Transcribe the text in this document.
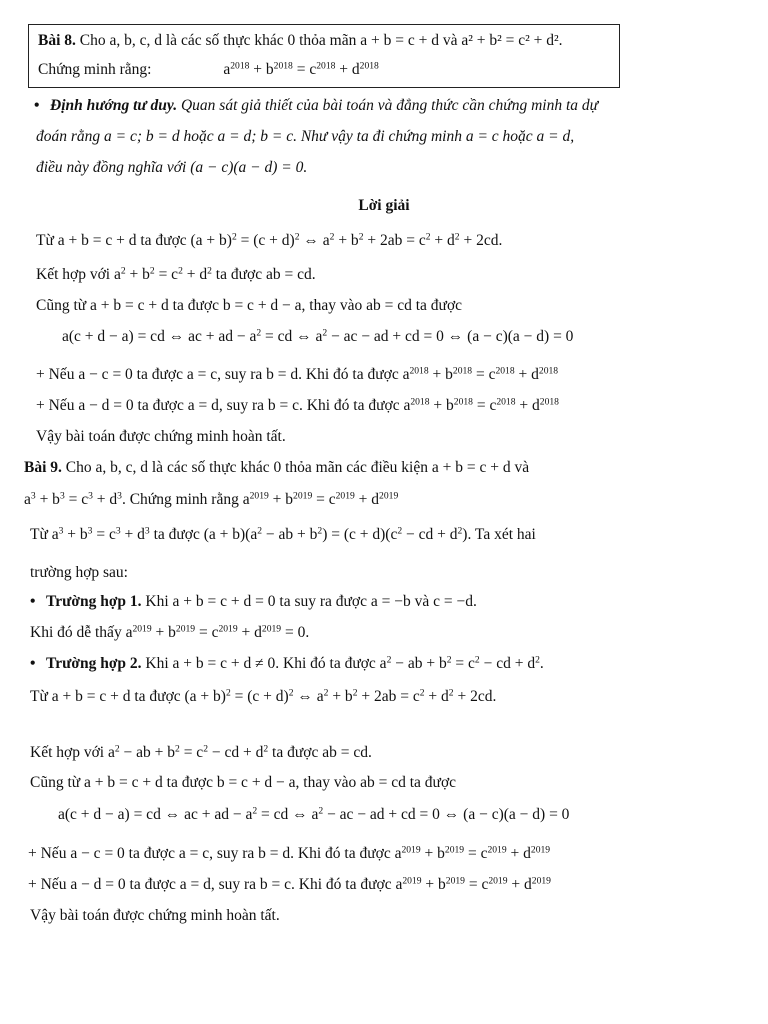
Bài 8. Cho a, b, c, d là các số thực khác 0 thỏa mãn a + b = c + d và a² + b² = c² + d².
Chứng minh rằng:	$a^{2018} + b^{2018} = c^{2018} + d^{2018}$
• Định hướng tư duy. Quan sát giả thiết của bài toán và đẳng thức cần chứng minh ta dự
đoán rằng a = c; b = d hoặc a = d; b = c. Như vậy ta đi chứng minh a = c hoặc a = d,
điều này đồng nghĩa với (a − c)(a − d) = 0.
Lời giải
Từ a + b = c + d ta được $(a + b)^2 = (c + d)^2$ ⇔ $a^2 + b^2 + 2ab = c^2 + d^2 + 2cd$.
Kết hợp với $a^2 + b^2 = c^2 + d^2$ ta được ab = cd.
Cũng từ a + b = c + d ta được b = c + d − a, thay vào ab = cd ta được
a(c + d − a) = cd ⇔ ac + ad − $a^2$ = cd ⇔ $a^2$ − ac − ad + cd = 0 ⇔ (a − c)(a − d) = 0
+ Nếu a − c = 0 ta được a = c, suy ra b = d. Khi đó ta được $a^{2018} + b^{2018} = c^{2018} + d^{2018}$
+ Nếu a − d = 0 ta được a = d, suy ra b = c. Khi đó ta được $a^{2018} + b^{2018} = c^{2018} + d^{2018}$
Vậy bài toán được chứng minh hoàn tất.
Bài 9. Cho a, b, c, d là các số thực khác 0 thỏa mãn các điều kiện a + b = c + d và
$a^3 + b^3 = c^3 + d^3$. Chứng minh rằng $a^{2019} + b^{2019} = c^{2019} + d^{2019}$
Từ $a^3 + b^3 = c^3 + d^3$ ta được $(a + b)(a^2$ − ab + $b^2) = (c + d)(c^2$ − cd + $d^2$). Ta xét hai
trường hợp sau:
• Trường hợp 1. Khi a + b = c + d = 0 ta suy ra được a = −b và c = −d.
Khi đó dễ thấy $a^{2019} + b^{2019} = c^{2019} + d^{2019} = 0$.
• Trường hợp 2. Khi a + b = c + d ≠ 0. Khi đó ta được $a^2$ − ab + $b^2 = c^2$ − cd + $d^2$.
Từ a + b = c + d ta được $(a + b)^2 = (c + d)^2$ ⇔ $a^2 + b^2 + 2ab = c^2 + d^2 + 2cd$.
Kết hợp với $a^2$ − ab + $b^2 = c^2$ − cd + $d^2$ ta được ab = cd.
Cũng từ a + b = c + d ta được b = c + d − a, thay vào ab = cd ta được
a(c + d − a) = cd ⇔ ac + ad − $a^2$ = cd ⇔ $a^2$ − ac − ad + cd = 0 ⇔ (a − c)(a − d) = 0
+ Nếu a − c = 0 ta được a = c, suy ra b = d. Khi đó ta được $a^{2019} + b^{2019} = c^{2019} + d^{2019}$
+ Nếu a − d = 0 ta được a = d, suy ra b = c. Khi đó ta được $a^{2019} + b^{2019} = c^{2019} + d^{2019}$
Vậy bài toán được chứng minh hoàn tất.
